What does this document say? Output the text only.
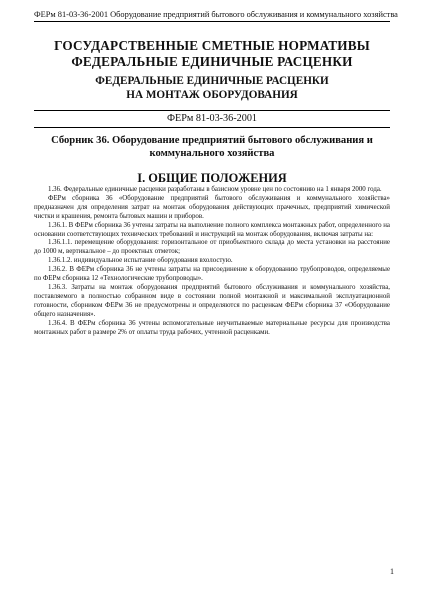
ФЕРм 81-03-36-2001 Оборудование предприятий бытового обслуживания и коммунального хозяйства
ГОСУДАРСТВЕННЫЕ СМЕТНЫЕ НОРМАТИВЫ
ФЕДЕРАЛЬНЫЕ ЕДИНИЧНЫЕ РАСЦЕНКИ
ФЕДЕРАЛЬНЫЕ ЕДИНИЧНЫЕ РАСЦЕНКИ
НА МОНТАЖ ОБОРУДОВАНИЯ
ФЕРм 81-03-36-2001
Сборник 36. Оборудование предприятий бытового обслуживания и
коммунального хозяйства
I. ОБЩИЕ ПОЛОЖЕНИЯ

1.36. Федеральные единичные расценки разработаны в базисном уровне цен по состоянию на 1 января 2000 года.

ФЕРм сборника 36 «Оборудование предприятий бытового обслуживания и коммунального хозяйства» предназначен для определения затрат на монтаж оборудования действующих прачечных, предприятий химической чистки и крашения, ремонта бытовых машин и приборов.

1.36.1. В ФЕРм сборника 36 учтены затраты на выполнение полного комплекса монтажных работ, определенного на основании соответствующих технических требований и инструкций на монтаж оборудования, включая затраты на:

1.36.1.1. перемещение оборудования: горизонтальное от приобъектного склада до места установки на расстояние до 1000 м, вертикальное – до проектных отметок;

1.36.1.2. индивидуальное испытание оборудования вхолостую.

1.36.2. В ФЕРм сборника 36 не учтены затраты на присоединение к оборудованию трубопроводов, определяемые по ФЕРм сборника 12 «Технологические трубопроводы».

1.36.3. Затраты на монтаж оборудования предприятий бытового обслуживания и коммунального хозяйства, поставляемого в полностью собранном виде в состоянии полной монтажной и максимальной эксплуатационной готовности, сборником ФЕРм 36 не предусмотрены и определяются по расценкам ФЕРм сборника 37 «Оборудование общего назначения».

1.36.4. В ФЕРм сборника 36 учтены вспомогательные неучитываемые материальные ресурсы для производства монтажных работ в размере 2% от оплаты труда рабочих, учтенной расценками.

1
